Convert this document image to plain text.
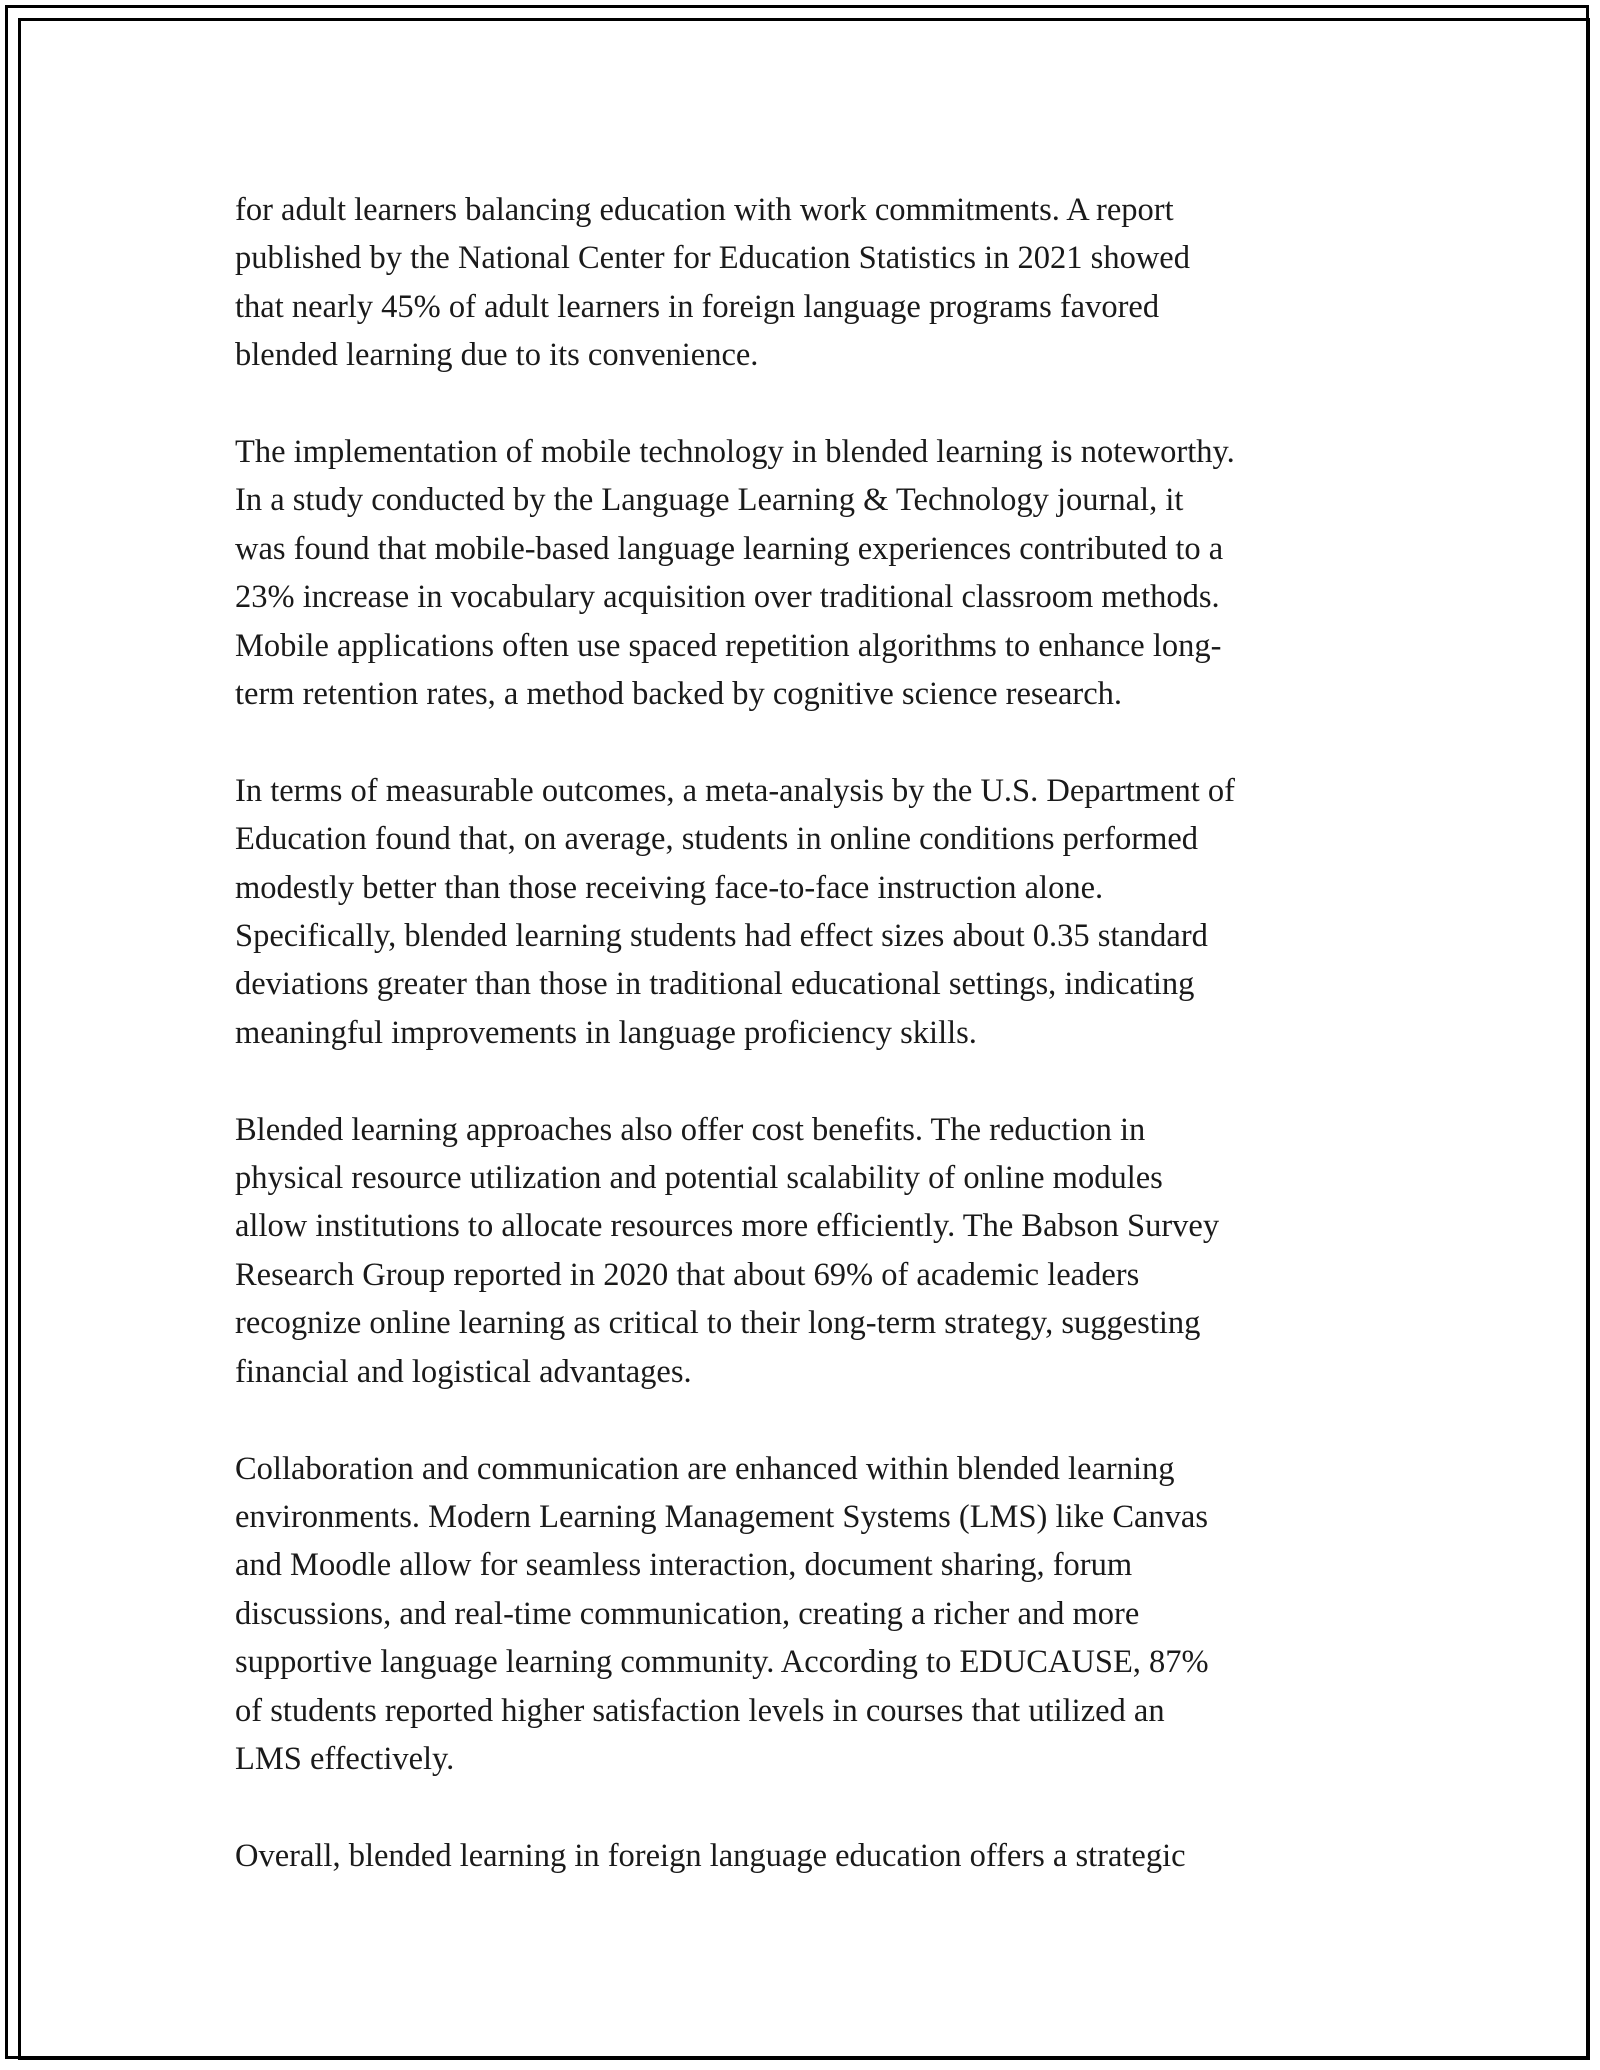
for adult learners balancing education with work commitments. A report
published by the National Center for Education Statistics in 2021 showed
that nearly 45% of adult learners in foreign language programs favored
blended learning due to its convenience.

The implementation of mobile technology in blended learning is noteworthy.
In a study conducted by the Language Learning & Technology journal, it
was found that mobile-based language learning experiences contributed to a
23% increase in vocabulary acquisition over traditional classroom methods.
Mobile applications often use spaced repetition algorithms to enhance long-
term retention rates, a method backed by cognitive science research.

In terms of measurable outcomes, a meta-analysis by the U.S. Department of
Education found that, on average, students in online conditions performed
modestly better than those receiving face-to-face instruction alone.
Specifically, blended learning students had effect sizes about 0.35 standard
deviations greater than those in traditional educational settings, indicating
meaningful improvements in language proficiency skills.

Blended learning approaches also offer cost benefits. The reduction in
physical resource utilization and potential scalability of online modules
allow institutions to allocate resources more efficiently. The Babson Survey
Research Group reported in 2020 that about 69% of academic leaders
recognize online learning as critical to their long-term strategy, suggesting
financial and logistical advantages.

Collaboration and communication are enhanced within blended learning
environments. Modern Learning Management Systems (LMS) like Canvas
and Moodle allow for seamless interaction, document sharing, forum
discussions, and real-time communication, creating a richer and more
supportive language learning community. According to EDUCAUSE, 87%
of students reported higher satisfaction levels in courses that utilized an
LMS effectively.

Overall, blended learning in foreign language education offers a strategic
